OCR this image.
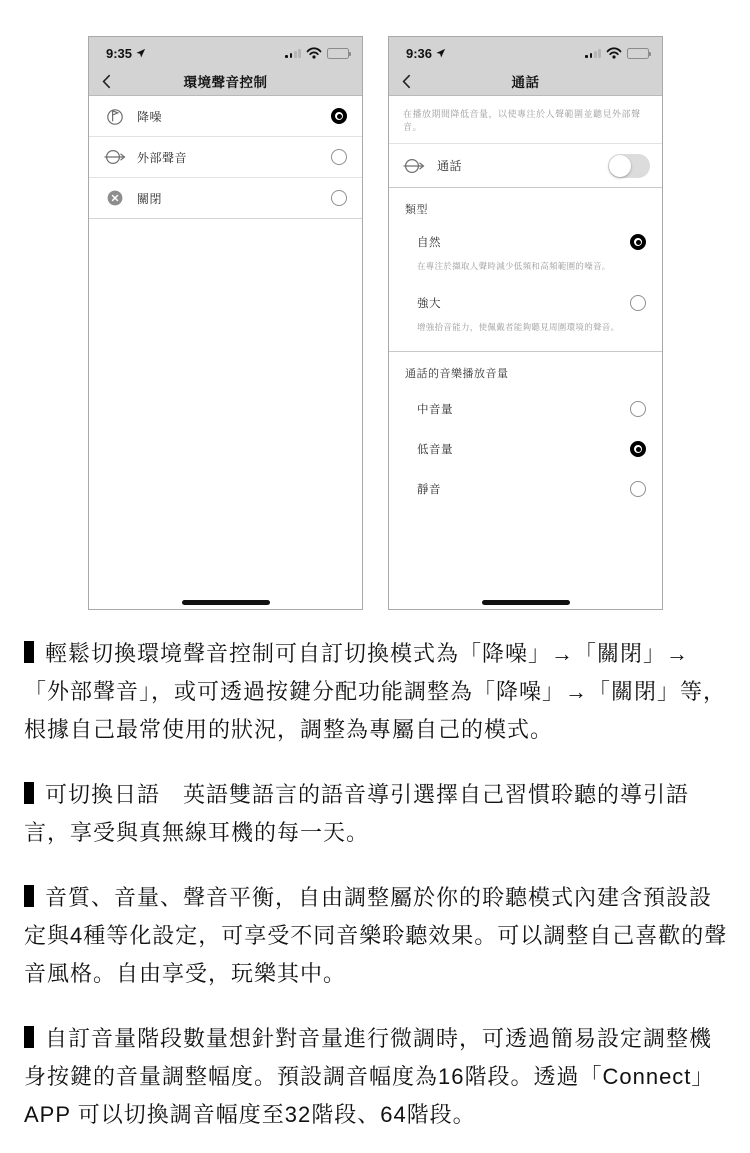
9:35
環境聲音控制
降噪
外部聲音
關閉
9:36
通話
在播放期間降低音量，以使專注於人聲範圍並聽見外部聲音。
通話
類型
自然
在專注於擷取人聲時減少低頻和高頻範圍的噪音。
強大
增強拾音能力，使佩戴者能夠聽見周圍環境的聲音。
通話的音樂播放音量
中音量
低音量
靜音

輕鬆切換環境聲音控制可自訂切換模式為「降噪」→「關閉」→「外部聲音」，或可透過按鍵分配功能調整為「降噪」→「關閉」等，根據自己最常使用的狀況，調整為專屬自己的模式。

可切換日語　英語雙語言的語音導引選擇自己習慣聆聽的導引語言，享受與真無線耳機的每一天。

音質、音量、聲音平衡，自由調整屬於你的聆聽模式內建含預設設定與4種等化設定，可享受不同音樂聆聽效果。可以調整自己喜歡的聲音風格。自由享受，玩樂其中。

自訂音量階段數量想針對音量進行微調時，可透過簡易設定調整機身按鍵的音量調整幅度。預設調音幅度為16階段。透過「Connect」APP 可以切換調音幅度至32階段、64階段。
